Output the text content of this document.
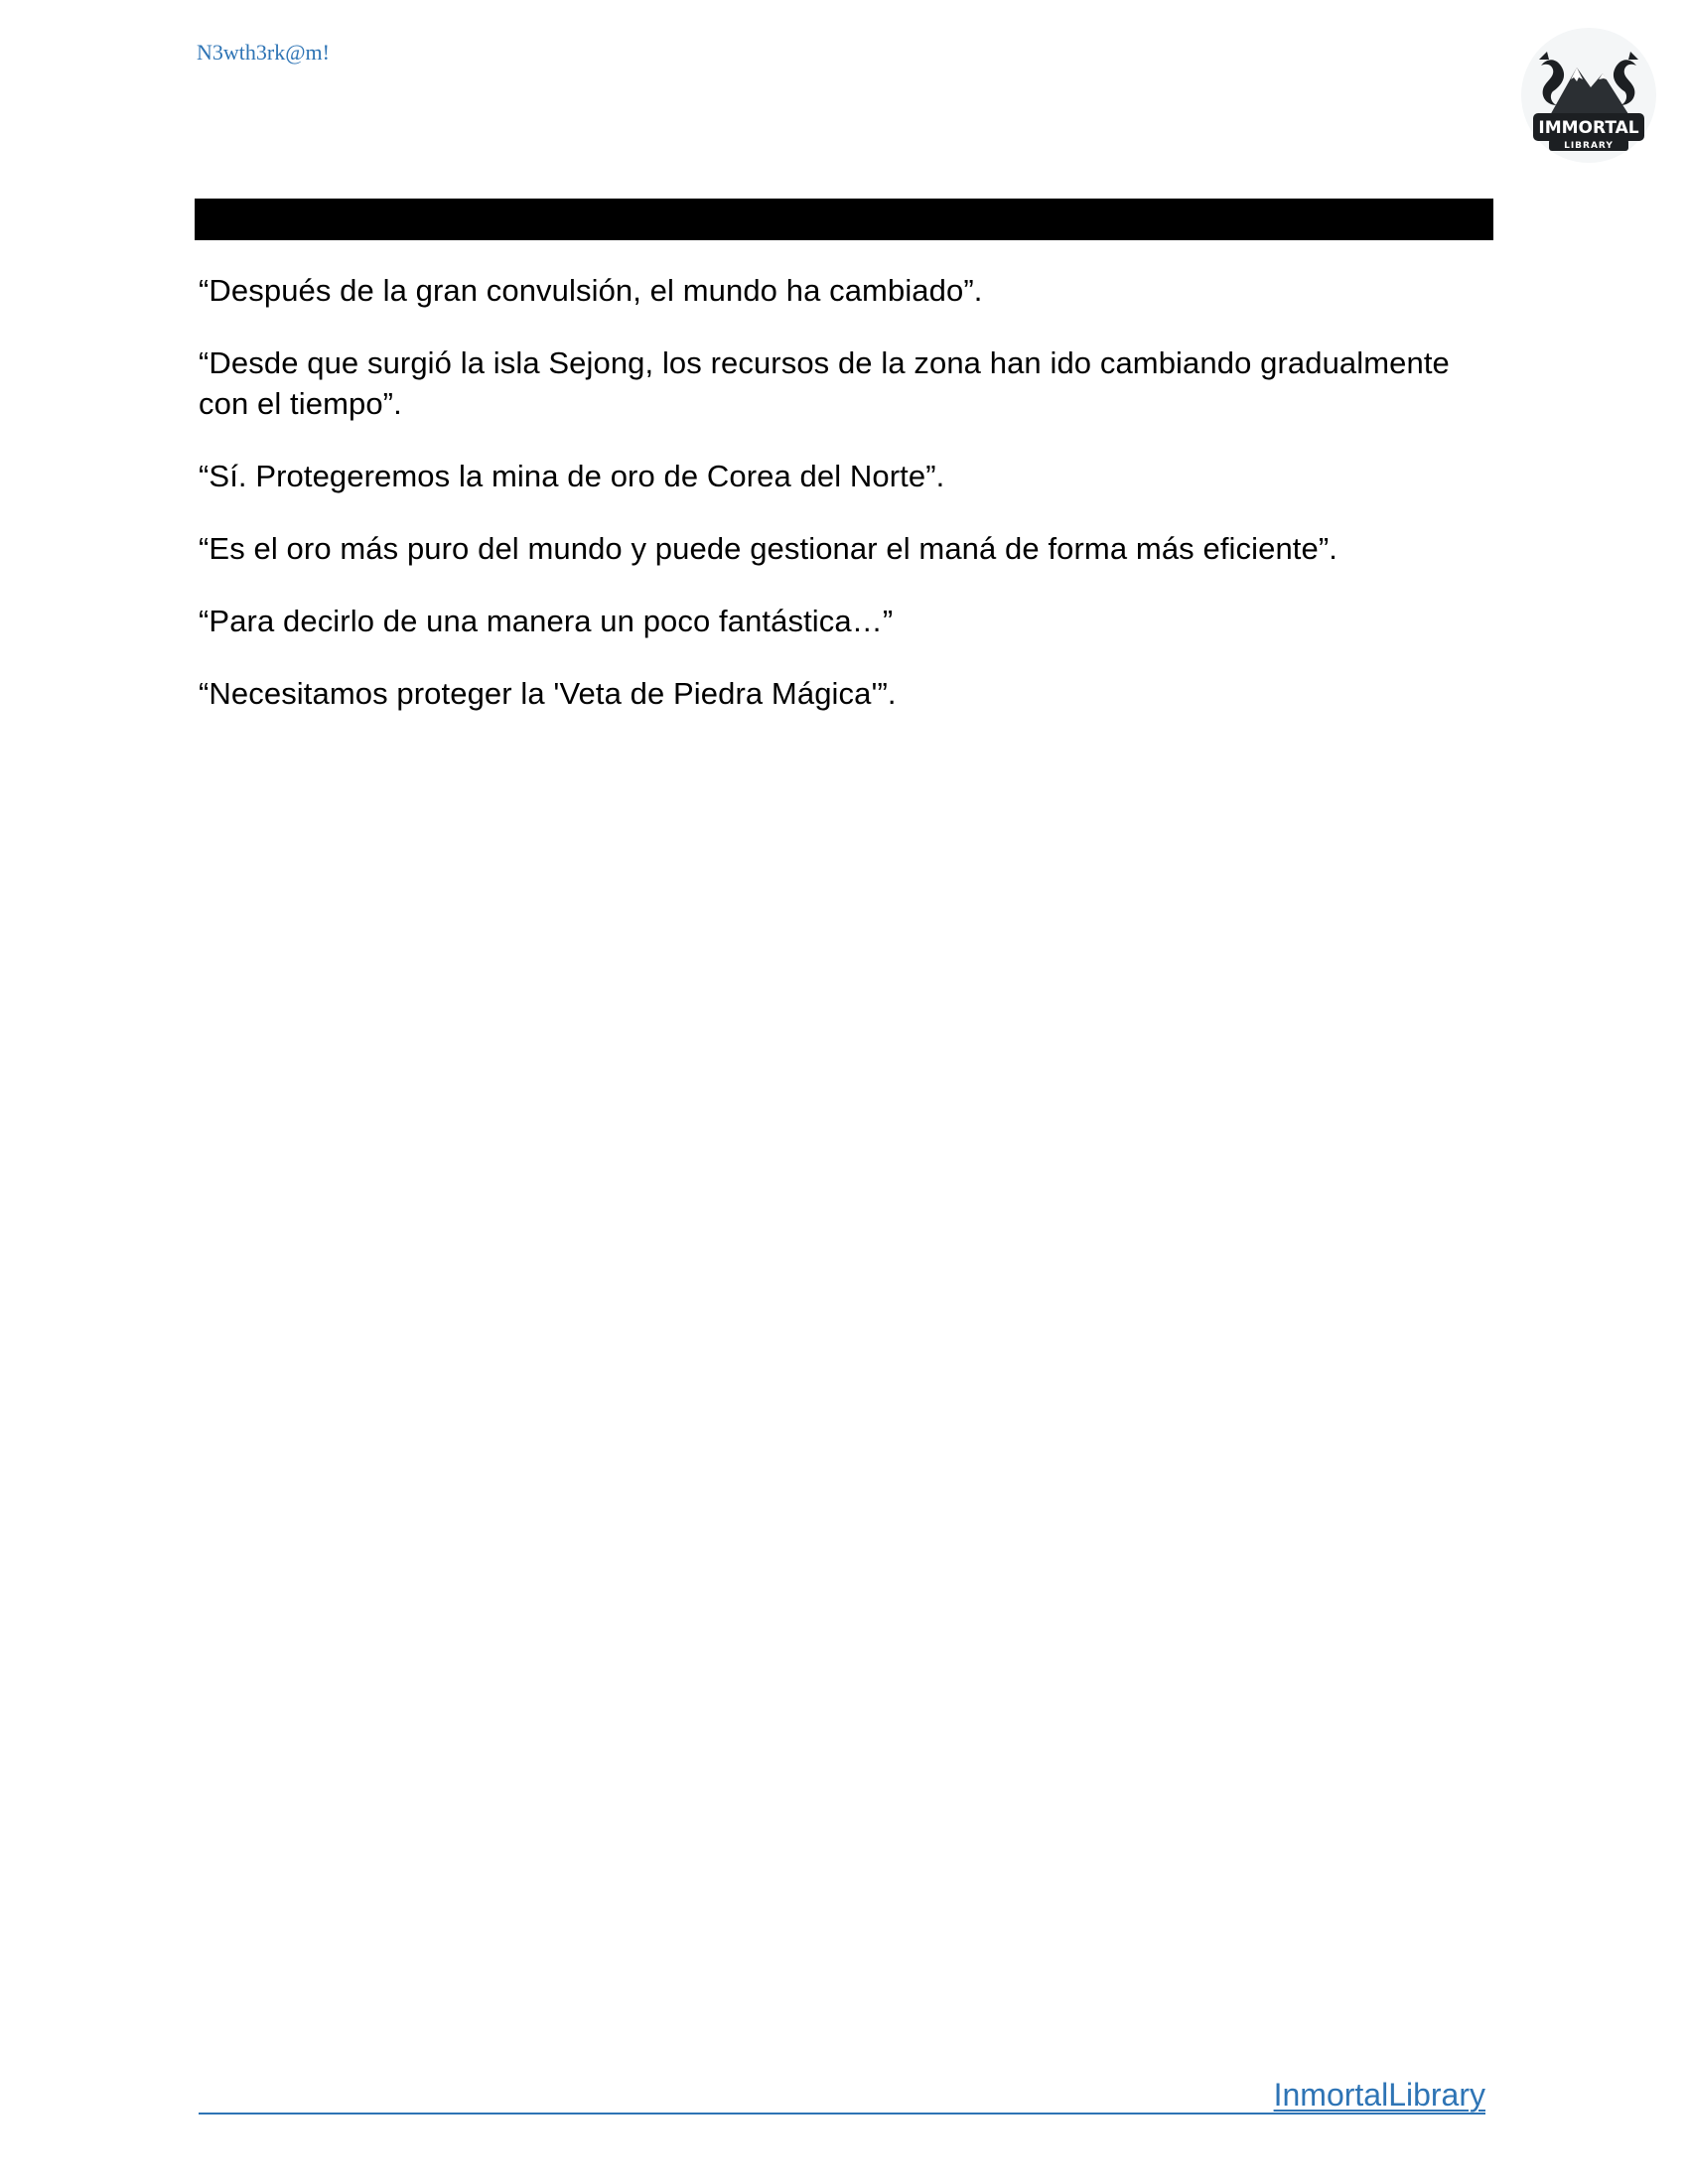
N3wth3rk@m!
IMMORTAL
LIBRARY

“Después de la gran convulsión, el mundo ha cambiado”.

“Desde que surgió la isla Sejong, los recursos de la zona han ido cambiando gradualmente con el tiempo”.

“Sí. Protegeremos la mina de oro de Corea del Norte”.

“Es el oro más puro del mundo y puede gestionar el maná de forma más eficiente”.

“Para decirlo de una manera un poco fantástica…”

“Necesitamos proteger la 'Veta de Piedra Mágica'”.

InmortalLibrary
